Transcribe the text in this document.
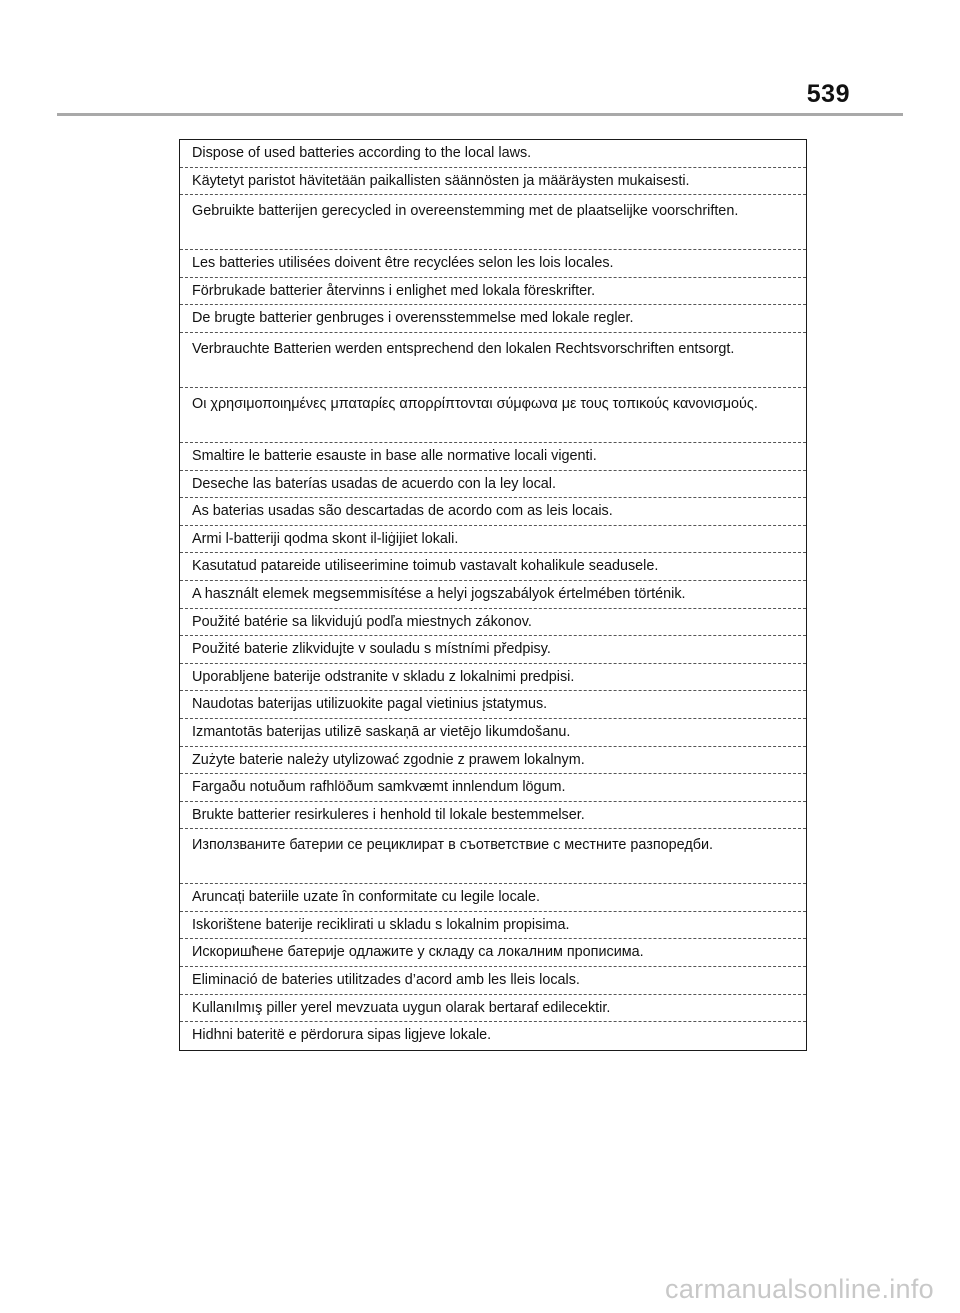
539
Dispose of used batteries according to the local laws.
Käytetyt paristot hävitetään paikallisten säännösten ja määräysten mukaisesti.
Gebruikte batterijen gerecycled in overeenstemming met de plaatselijke voorschriften.
Les batteries utilisées doivent être recyclées selon les lois locales.
Förbrukade batterier återvinns i enlighet med lokala föreskrifter.
De brugte batterier genbruges i overensstemmelse med lokale regler.
Verbrauchte Batterien werden entsprechend den lokalen Rechtsvorschriften entsorgt.
Οι χρησιμοποιημένες μπαταρίες απορρίπτονται σύμφωνα με τους τοπικούς κανονισμούς.
Smaltire le batterie esauste in base alle normative locali vigenti.
Deseche las baterías usadas de acuerdo con la ley local.
As baterias usadas são descartadas de acordo com as leis locais.
Armi l-batteriji qodma skont il-liġijiet lokali.
Kasutatud patareide utiliseerimine toimub vastavalt kohalikule seadusele.
A használt elemek megsemmisítése a helyi jogszabályok értelmében történik.
Použité batérie sa likvidujú podľa miestnych zákonov.
Použité baterie zlikvidujte v souladu s místními předpisy.
Uporabljene baterije odstranite v skladu z lokalnimi predpisi.
Naudotas baterijas utilizuokite pagal vietinius įstatymus.
Izmantotās baterijas utilizē saskaņā ar vietējo likumdošanu.
Zużyte baterie należy utylizować zgodnie z prawem lokalnym.
Fargaðu notuðum rafhlöðum samkvæmt innlendum lögum.
Brukte batterier resirkuleres i henhold til lokale bestemmelser.
Използваните батерии се рециклират в съответствие с местните разпоредби.
Aruncați bateriile uzate în conformitate cu legile locale.
Iskorištene baterije reciklirati u skladu s lokalnim propisima.
Искоришћене батерије одлажите у складу са локалним прописима.
Eliminació de bateries utilitzades d’acord amb les lleis locals.
Kullanılmış piller yerel mevzuata uygun olarak bertaraf edilecektir.
Hidhni bateritë e përdorura sipas ligjeve lokale.
carmanualsonline.info
